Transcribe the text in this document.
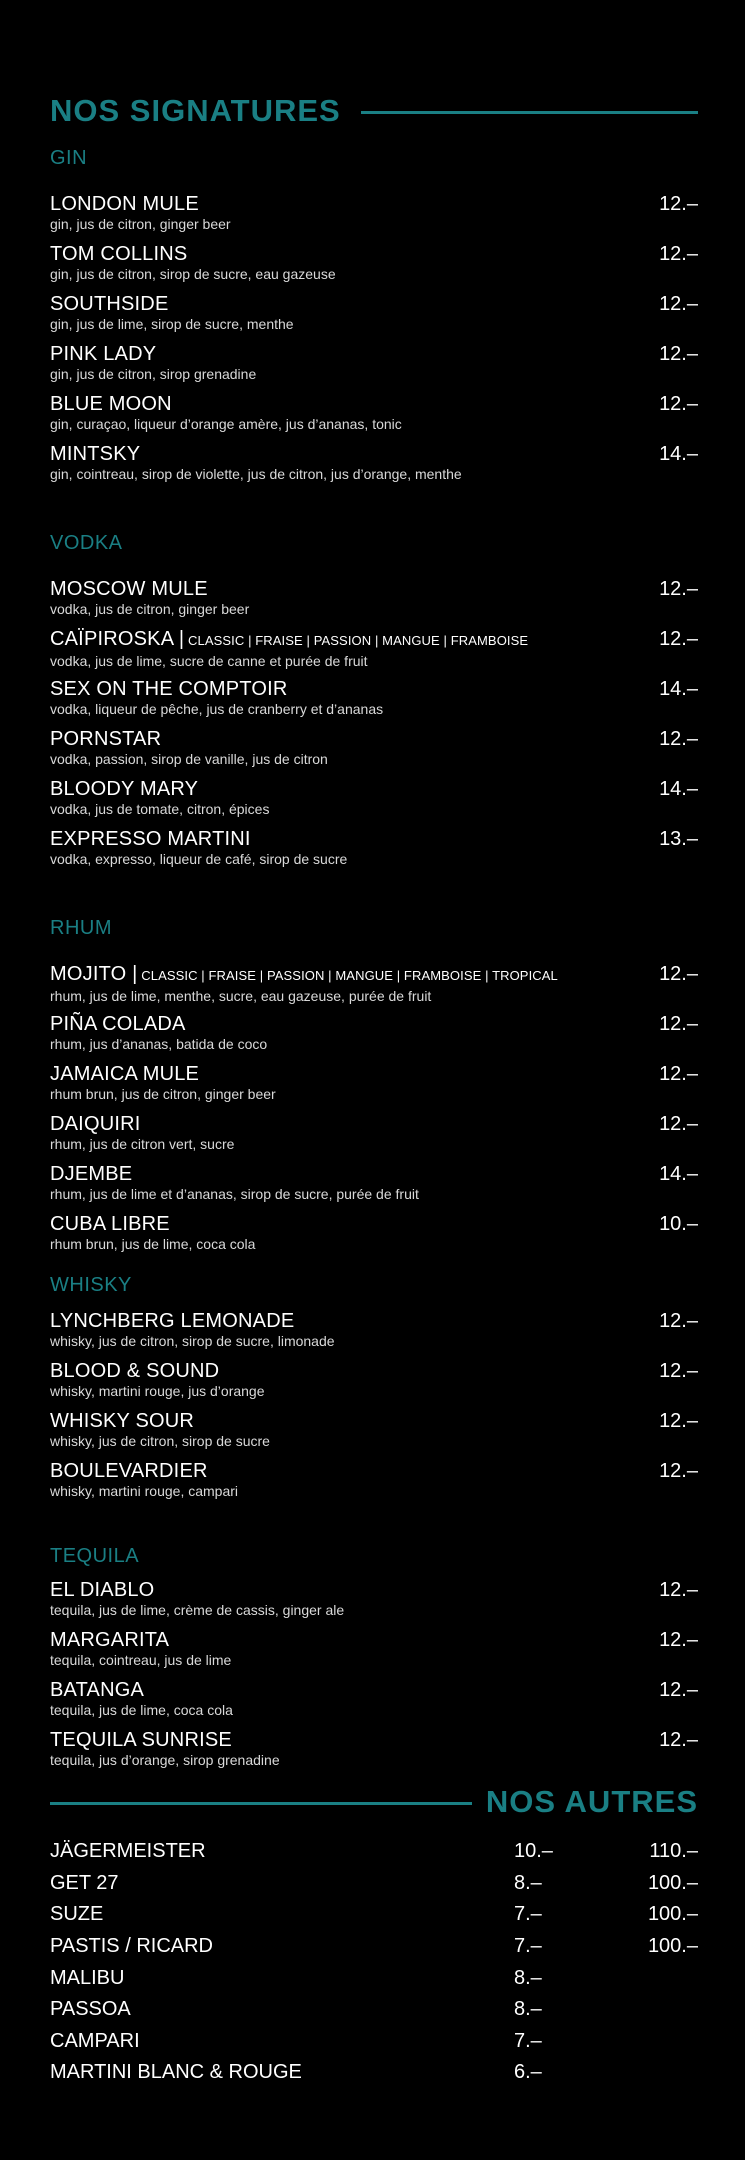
NOS SIGNATURES
GIN
LONDON MULE
gin, jus de citron, ginger beer
12.–
TOM COLLINS
gin, jus de citron, sirop de sucre, eau gazeuse
12.–
SOUTHSIDE
gin, jus de lime, sirop de sucre, menthe
12.–
PINK LADY
gin, jus de citron, sirop grenadine
12.–
BLUE MOON
gin, curaçao, liqueur d’orange amère, jus d’ananas, tonic
12.–
MINTSKY
gin, cointreau, sirop de violette, jus de citron, jus d’orange, menthe
14.–
VODKA
MOSCOW MULE
vodka, jus de citron, ginger beer
12.–
CAÏPIROSKA | CLASSIC | FRAISE | PASSION | MANGUE | FRAMBOISE
vodka, jus de lime, sucre de canne et purée de fruit
12.–
SEX ON THE COMPTOIR
vodka, liqueur de pêche, jus de cranberry et d’ananas
14.–
PORNSTAR
vodka, passion, sirop de vanille, jus de citron
12.–
BLOODY MARY
vodka, jus de tomate, citron, épices
14.–
EXPRESSO MARTINI
vodka, expresso, liqueur de café, sirop de sucre
13.–
RHUM
MOJITO | CLASSIC | FRAISE | PASSION | MANGUE | FRAMBOISE | TROPICAL
rhum, jus de lime, menthe, sucre, eau gazeuse, purée de fruit
12.–
PIÑA COLADA
rhum, jus d’ananas, batida de coco
12.–
JAMAICA MULE
rhum brun, jus de citron, ginger beer
12.–
DAIQUIRI
rhum, jus de citron vert, sucre
12.–
DJEMBE
rhum, jus de lime et d’ananas, sirop de sucre, purée de fruit
14.–
CUBA LIBRE
rhum brun, jus de lime, coca cola
10.–
WHISKY
LYNCHBERG LEMONADE
whisky, jus de citron, sirop de sucre, limonade
12.–
BLOOD & SOUND
whisky, martini rouge, jus d’orange
12.–
WHISKY SOUR
whisky, jus de citron, sirop de sucre
12.–
BOULEVARDIER
whisky, martini rouge, campari
12.–
TEQUILA
EL DIABLO
tequila, jus de lime, crème de cassis, ginger ale
12.–
MARGARITA
tequila, cointreau, jus de lime
12.–
BATANGA
tequila, jus de lime, coca cola
12.–
TEQUILA SUNRISE
tequila, jus d’orange, sirop grenadine
12.–
NOS AUTRES
JÄGERMEISTER	10.–	110.–
GET 27	8.–	100.–
SUZE	7.–	100.–
PASTIS / RICARD	7.–	100.–
MALIBU	8.–
PASSOA	8.–
CAMPARI	7.–
MARTINI BLANC & ROUGE	6.–
